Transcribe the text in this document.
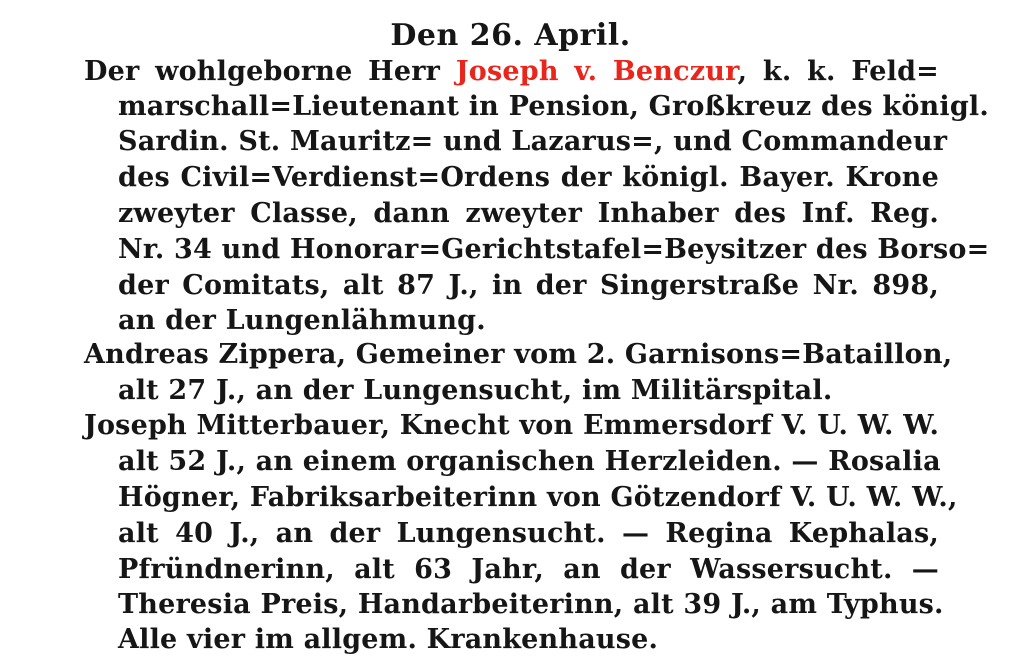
Den 26. April.
Der wohlgeborne Herr Joseph v. Benczur, k. k. Feld=
marschall=Lieutenant in Pension, Großkreuz des königl.
Sardin. St. Mauritz= und Lazarus=, und Commandeur
des Civil=Verdienst=Ordens der königl. Bayer. Krone
zweyter Classe, dann zweyter Inhaber des Inf. Reg.
Nr. 34 und Honorar=Gerichtstafel=Beysitzer des Borso=
der Comitats, alt 87 J., in der Singerstraße Nr. 898,
an der Lungenlähmung.
Andreas Zippera, Gemeiner vom 2. Garnisons=Bataillon,
alt 27 J., an der Lungensucht, im Militärspital.
Joseph Mitterbauer, Knecht von Emmersdorf V. U. W. W.
alt 52 J., an einem organischen Herzleiden. — Rosalia
Högner, Fabriksarbeiterinn von Götzendorf V. U. W. W.,
alt 40 J., an der Lungensucht. — Regina Kephalas,
Pfründnerinn, alt 63 Jahr, an der Wassersucht. —
Theresia Preis, Handarbeiterinn, alt 39 J., am Typhus.
Alle vier im allgem. Krankenhause.
